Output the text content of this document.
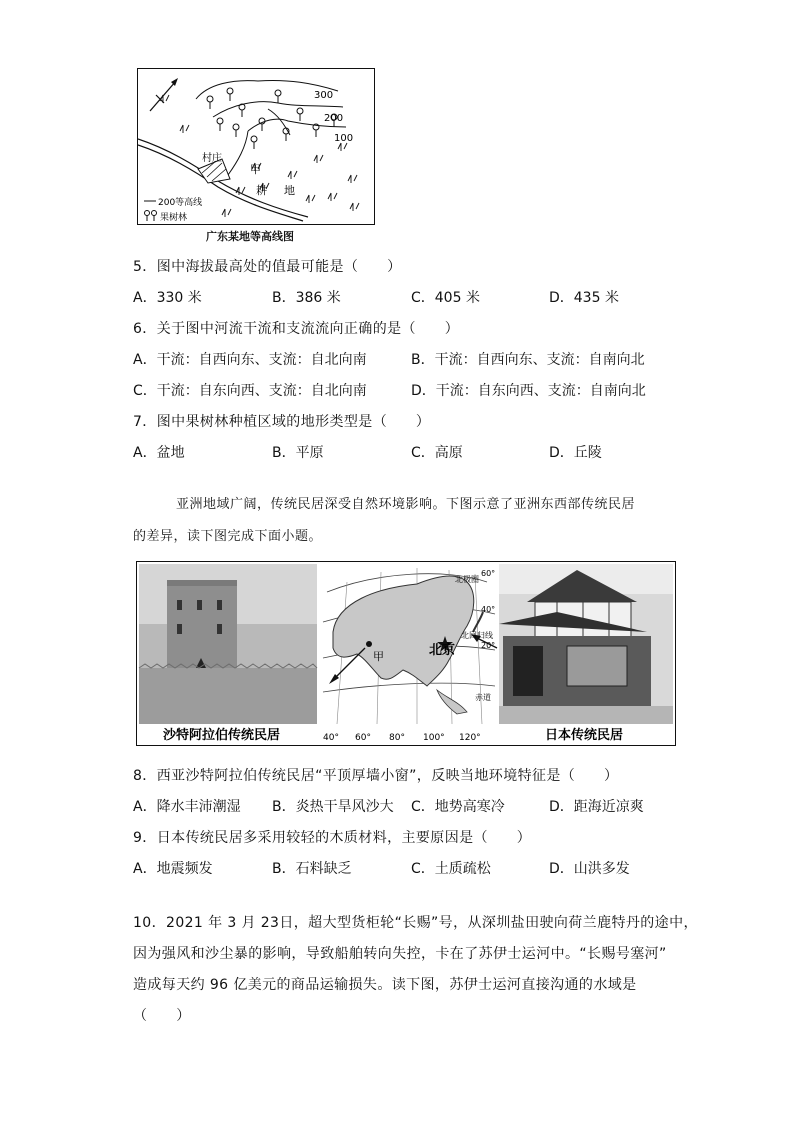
300
200
100
村庄
甲
耕 地
200等高线
果树林
广东某地等高线图
5．图中海拔最高处的值最可能是（　　）
A．330 米	B．386 米	C．405 米	D．435 米
6．关于图中河流干流和支流流向正确的是（　　）
A．干流：自西向东、支流：自北向南	B．干流：自西向东、支流：自南向北
C．干流：自东向西、支流：自北向南	D．干流：自东向西、支流：自南向北
7．图中果树林种植区域的地形类型是（　　）
A．盆地	B．平原	C．高原	D．丘陵
亚洲地域广阔，传统民居深受自然环境影响。下图示意了亚洲东西部传统民居
的差异，读下图完成下面小题。
甲	北京
北极圈
北回归线
赤道
60°
40°
20°
沙特阿拉伯传统民居	日本传统民居
40° 60° 80° 100° 120°
8．西亚沙特阿拉伯传统民居“平顶厚墙小窗”，反映当地环境特征是（　　）
A．降水丰沛潮湿 B．炎热干旱风沙大 C．地势高寒冷	D．距海近凉爽
9．日本传统民居多采用较轻的木质材料，主要原因是（　　）
A．地震频发	B．石料缺乏	C．土质疏松	D．山洪多发
10．2021 年 3 月 23日，超大型货柜轮“长赐”号，从深圳盐田驶向荷兰鹿特丹的途中，
因为强风和沙尘暴的影响，导致船舶转向失控，卡在了苏伊士运河中。“长赐号塞河”
造成每天约 96 亿美元的商品运输损失。读下图，苏伊士运河直接沟通的水域是
（　　）
